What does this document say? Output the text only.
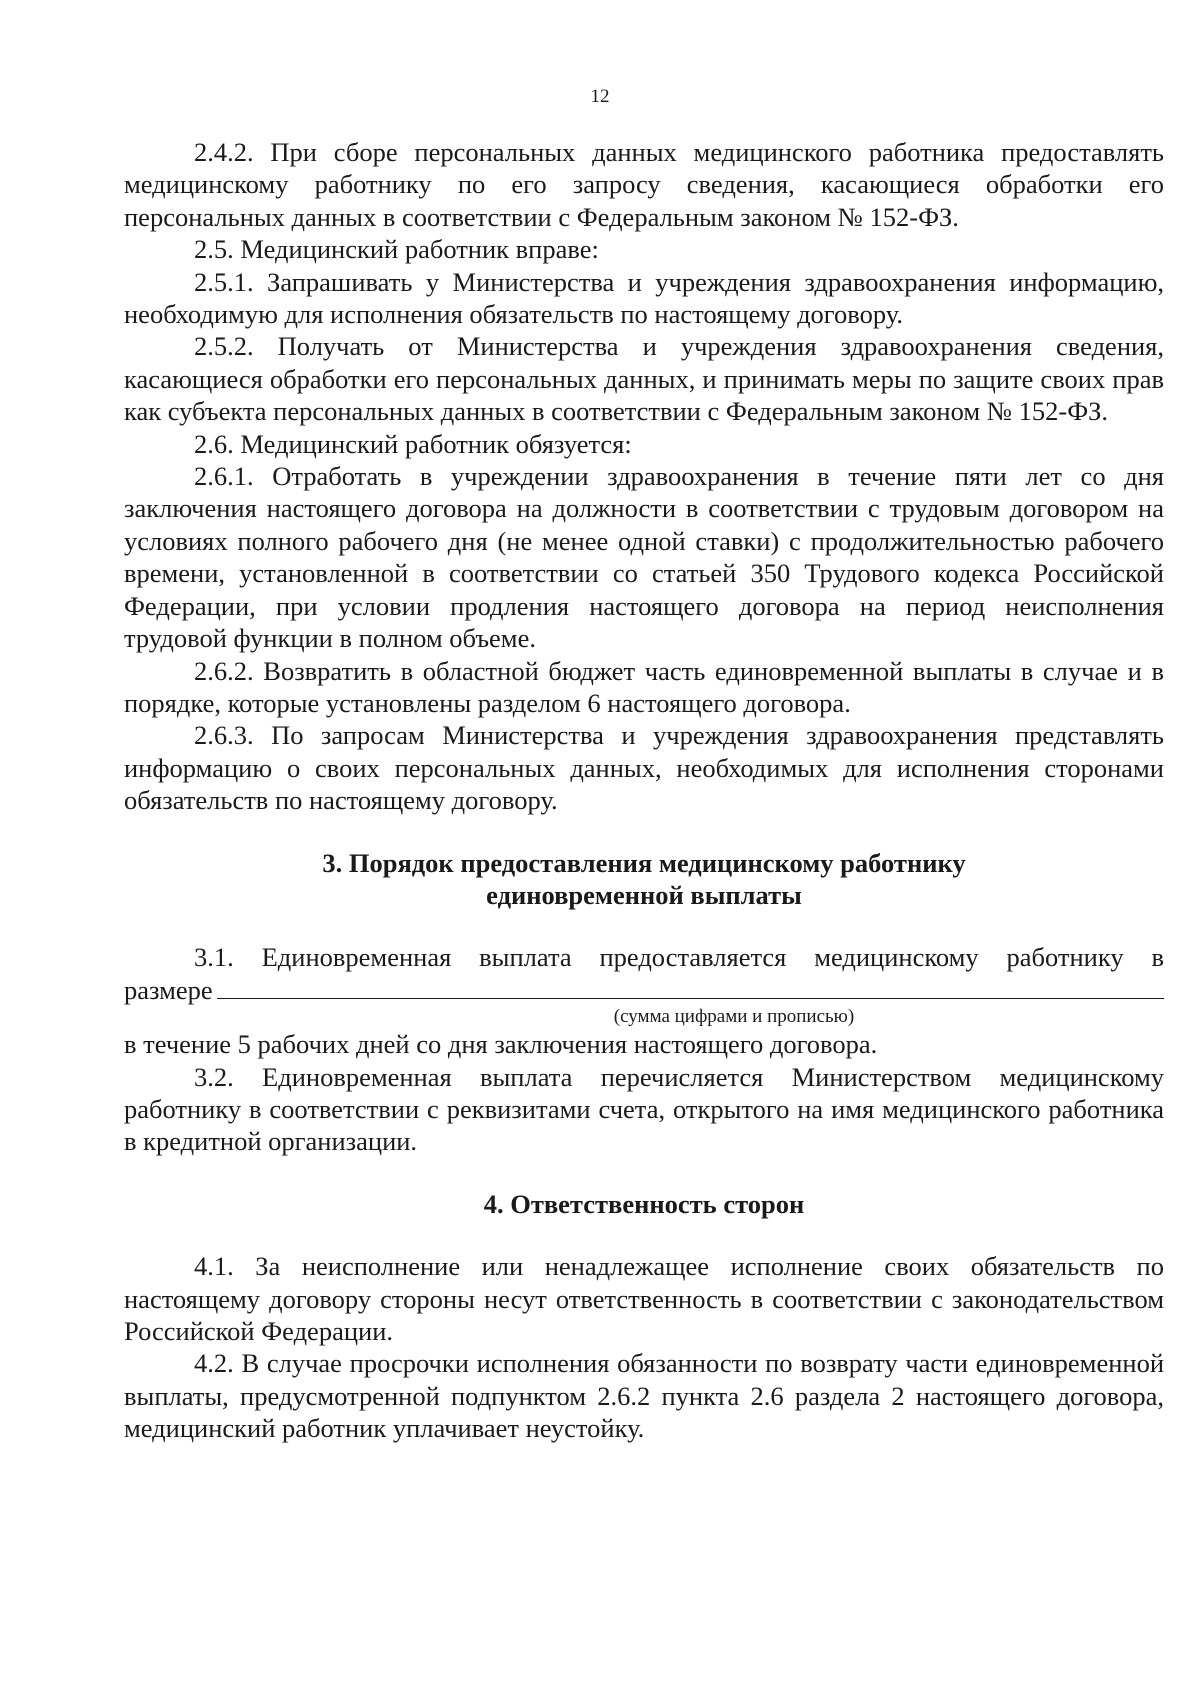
12

2.4.2. При сборе персональных данных медицинского работника предоставлять медицинскому работнику по его запросу сведения, касающиеся обработки его персональных данных в соответствии с Федеральным законом № 152-ФЗ.

2.5. Медицинский работник вправе:

2.5.1. Запрашивать у Министерства и учреждения здравоохранения информацию, необходимую для исполнения обязательств по настоящему договору.

2.5.2. Получать от Министерства и учреждения здравоохранения сведения, касающиеся обработки его персональных данных, и принимать меры по защите своих прав как субъекта персональных данных в соответствии с Федеральным законом № 152-ФЗ.

2.6. Медицинский работник обязуется:

2.6.1. Отработать в учреждении здравоохранения в течение пяти лет со дня заключения настоящего договора на должности в соответствии с трудовым договором на условиях полного рабочего дня (не менее одной ставки) с продолжительностью рабочего времени, установленной в соответствии со статьей 350 Трудового кодекса Российской Федерации, при условии продления настоящего договора на период неисполнения трудовой функции в полном объеме.

2.6.2. Возвратить в областной бюджет часть единовременной выплаты в случае и в порядке, которые установлены разделом 6 настоящего договора.

2.6.3. По запросам Министерства и учреждения здравоохранения представлять информацию о своих персональных данных, необходимых для исполнения сторонами обязательств по настоящему договору.

3. Порядок предоставления медицинскому работнику

единовременной выплаты

3.1. Единовременная выплата предоставляется медицинскому работнику в

размере

(сумма цифрами и прописью)

в течение 5 рабочих дней со дня заключения настоящего договора.

3.2. Единовременная выплата перечисляется Министерством медицинскому работнику в соответствии с реквизитами счета, открытого на имя медицинского работника в кредитной организации.

4. Ответственность сторон

4.1. За неисполнение или ненадлежащее исполнение своих обязательств по настоящему договору стороны несут ответственность в соответствии с законодательством Российской Федерации.

4.2. В случае просрочки исполнения обязанности по возврату части единовременной выплаты, предусмотренной подпунктом 2.6.2 пункта 2.6 раздела 2 настоящего договора, медицинский работник уплачивает неустойку.
